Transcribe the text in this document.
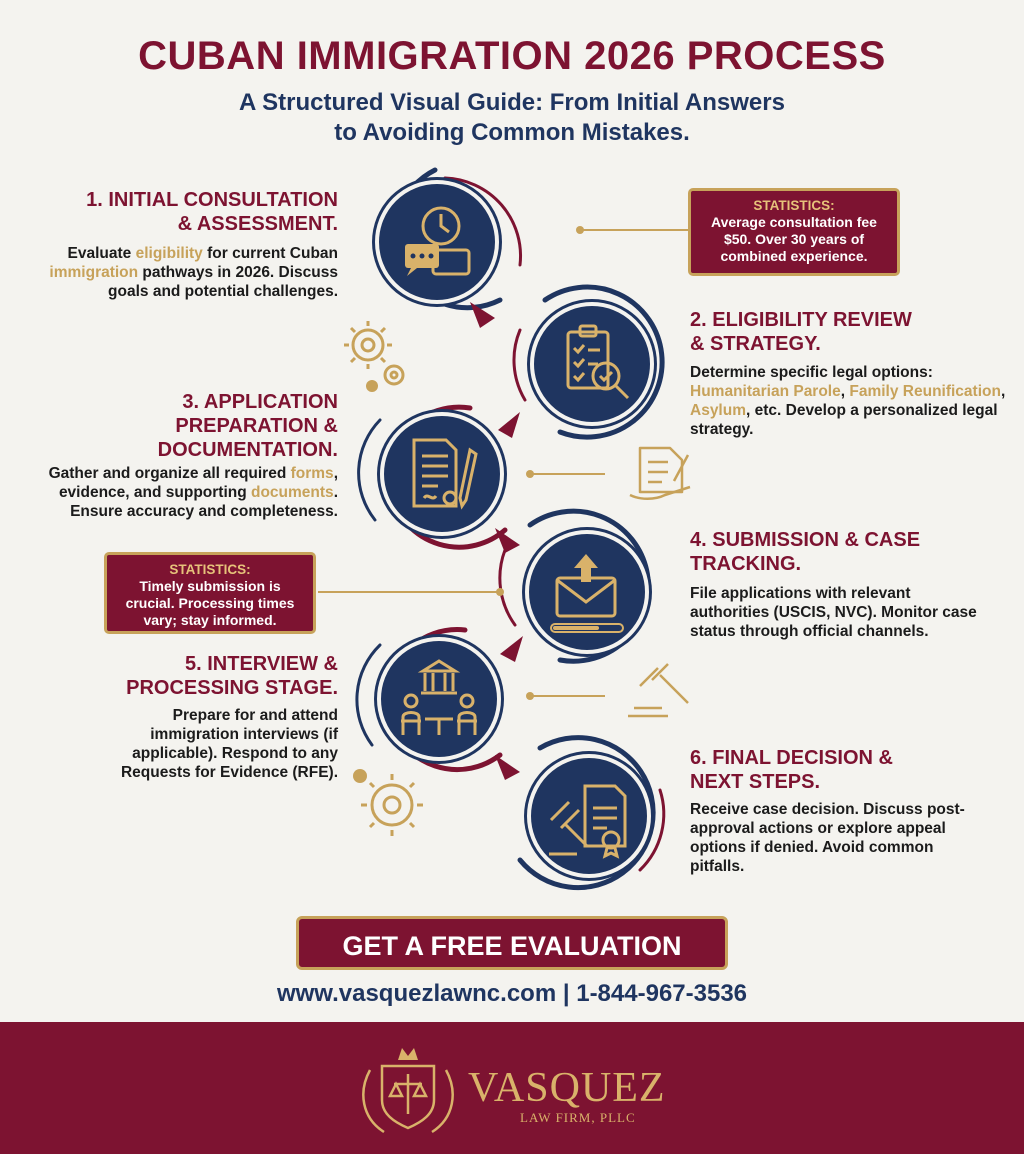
CUBAN IMMIGRATION 2026 PROCESS
A Structured Visual Guide: From Initial Answers
to Avoiding Common Mistakes.
1. INITIAL CONSULTATION
& ASSESSMENT.
Evaluate eligibility for current Cuban immigration pathways in 2026. Discuss goals and potential challenges.
STATISTICS:
Average consultation fee $50. Over 30 years of combined experience.
2. ELIGIBILITY REVIEW
& STRATEGY.
Determine specific legal options: Humanitarian Parole, Family Reunification, Asylum, etc. Develop a personalized legal strategy.
3. APPLICATION
PREPARATION &
DOCUMENTATION.
Gather and organize all required forms, evidence, and supporting documents. Ensure accuracy and completeness.
STATISTICS:
Timely submission is crucial. Processing times vary; stay informed.
4. SUBMISSION & CASE
TRACKING.
File applications with relevant authorities (USCIS, NVC). Monitor case status through official channels.
5. INTERVIEW &
PROCESSING STAGE.
Prepare for and attend immigration interviews (if applicable). Respond to any Requests for Evidence (RFE).
6. FINAL DECISION &
NEXT STEPS.
Receive case decision. Discuss post-approval actions or explore appeal options if denied. Avoid common pitfalls.
GET A FREE EVALUATION
www.vasquezlawnc.com | 1-844-967-3536
VASQUEZ
LAW FIRM, PLLC
